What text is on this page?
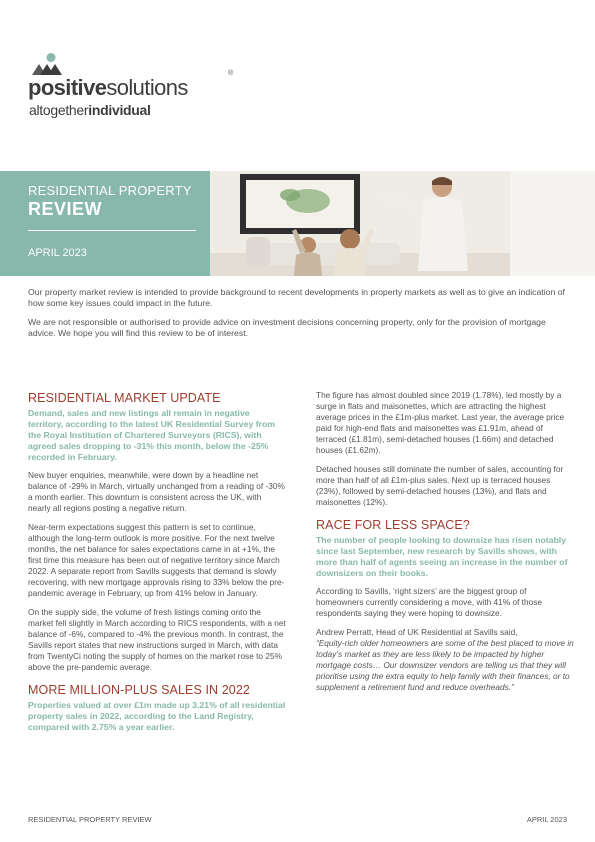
positivesolutions
®
altogetherindividual
RESIDENTIAL PROPERTY
REVIEW
APRIL 2023

Our property market review is intended to provide background to recent developments in property markets as well as to give an indication of how some key issues could impact in the future.

We are not responsible or authorised to provide advice on investment decisions concerning property, only for the provision of mortgage advice. We hope you will find this review to be of interest.

RESIDENTIAL MARKET UPDATE

Demand, sales and new listings all remain in negative territory, according to the latest UK Residential Survey from the Royal Institution of Chartered Surveyors (RICS), with agreed sales dropping to -31% this month, below the -25% recorded in February.

New buyer enquiries, meanwhile, were down by a headline net balance of -29% in March, virtually unchanged from a reading of -30% a month earlier. This downturn is consistent across the UK, with nearly all regions posting a negative return.

Near-term expectations suggest this pattern is set to continue, although the long-term outlook is more positive. For the next twelve months, the net balance for sales expectations came in at +1%, the first time this measure has been out of negative territory since March 2022. A separate report from Savills suggests that demand is slowly recovering, with new mortgage approvals rising to 33% below the pre-pandemic average in February, up from 41% below in January.

On the supply side, the volume of fresh listings coming onto the market fell slightly in March according to RICS respondents, with a net balance of -6%, compared to -4% the previous month. In contrast, the Savills report states that new instructions surged in March, with data from TwentyCi noting the supply of homes on the market rose to 25% above the pre-pandemic average.

MORE MILLION-PLUS SALES IN 2022

Properties valued at over £1m made up 3.21% of all residential property sales in 2022, according to the Land Registry, compared with 2.75% a year earlier.

The figure has almost doubled since 2019 (1.78%), led mostly by a surge in flats and maisonettes, which are attracting the highest average prices in the £1m-plus market. Last year, the average price paid for high-end flats and maisonettes was £1.91m, ahead of terraced (£1.81m), semi-detached houses (1.66m) and detached houses (£1.62m).

Detached houses still dominate the number of sales, accounting for more than half of all £1m-plus sales. Next up is terraced houses (23%), followed by semi-detached houses (13%), and flats and maisonettes (12%).

RACE FOR LESS SPACE?

The number of people looking to downsize has risen notably since last September, new research by Savills shows, with more than half of agents seeing an increase in the number of downsizers on their books.

According to Savills, ‘right sizers’ are the biggest group of homeowners currently considering a move, with 41% of those respondents saying they were hoping to downsize.

Andrew Perratt, Head of UK Residential at Savills said,

“Equity-rich older homeowners are some of the best placed to move in today’s market as they are less likely to be impacted by higher mortgage costs… Our downsizer vendors are telling us that they will prioritise using the extra equity to help family with their finances, or to supplement a retirement fund and reduce overheads.”

RESIDENTIAL PROPERTY REVIEW	APRIL 2023
